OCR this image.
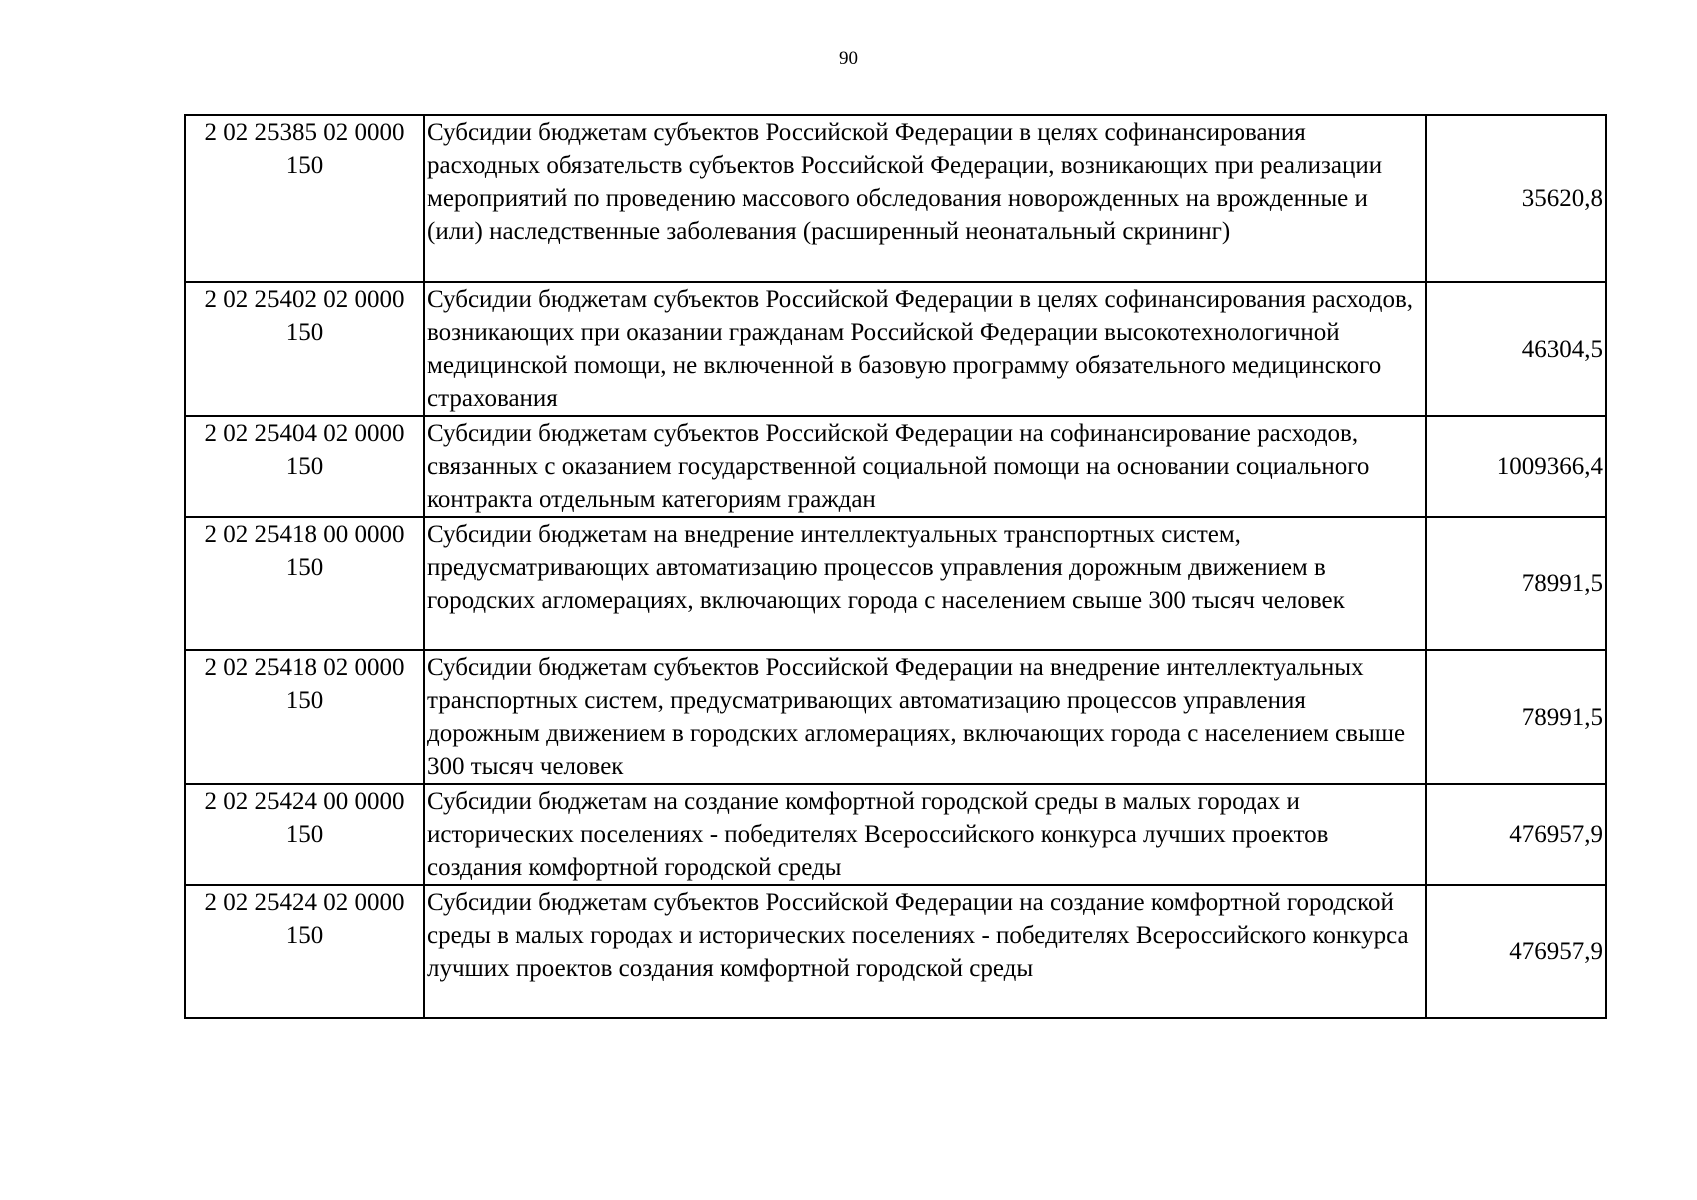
90
2 02 25385 02 0000
150	Субсидии бюджетам субъектов Российской Федерации в целях софинансирования расходных обязательств субъектов Российской Федерации, возникающих при реализации мероприятий по проведению массового обследования новорожденных на врожденные и (или) наследственные заболевания (расширенный неонатальный скрининг)	35620,8

2 02 25402 02 0000
150	Субсидии бюджетам субъектов Российской Федерации в целях софинансирования расходов, возникающих при оказании гражданам Российской Федерации высокотехнологичной медицинской помощи, не включенной в базовую программу обязательного медицинского страхования	46304,5

2 02 25404 02 0000
150	Субсидии бюджетам субъектов Российской Федерации на софинансирование расходов, связанных с оказанием государственной социальной помощи на основании социального контракта отдельным категориям граждан	1009366,4

2 02 25418 00 0000
150	Субсидии бюджетам на внедрение интеллектуальных транспортных систем, предусматривающих автоматизацию процессов управления дорожным движением в городских агломерациях, включающих города с населением свыше 300 тысяч человек	78991,5

2 02 25418 02 0000
150	Субсидии бюджетам субъектов Российской Федерации на внедрение интеллектуальных транспортных систем, предусматривающих автоматизацию процессов управления дорожным движением в городских агломерациях, включающих города с населением свыше 300 тысяч человек	78991,5

2 02 25424 00 0000
150	Субсидии бюджетам на создание комфортной городской среды в малых городах и исторических поселениях - победителях Всероссийского конкурса лучших проектов создания комфортной городской среды	476957,9

2 02 25424 02 0000
150	Субсидии бюджетам субъектов Российской Федерации на создание комфортной городской среды в малых городах и исторических поселениях - победителях Всероссийского конкурса лучших проектов создания комфортной городской среды	476957,9
